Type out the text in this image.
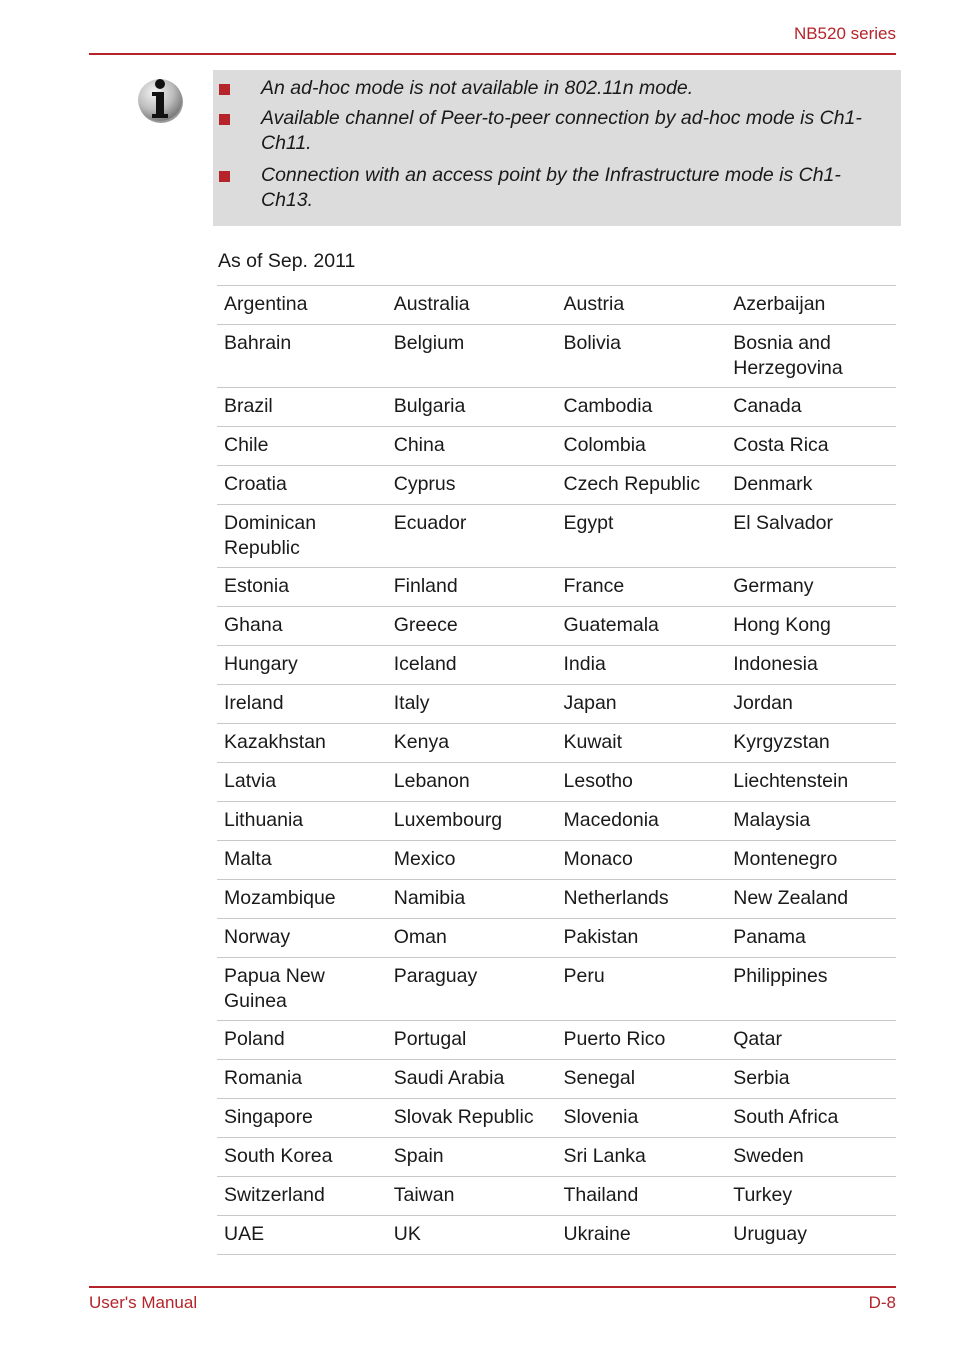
NB520 series
An ad-hoc mode is not available in 802.11n mode.
Available channel of Peer-to-peer connection by ad-hoc mode is Ch1-
Ch11.
Connection with an access point by the Infrastructure mode is Ch1-
Ch13.
As of Sep. 2011
Argentina	Australia	Austria	Azerbaijan

Bahrain	Belgium	Bolivia	Bosnia and
Herzegovina

Brazil	Bulgaria	Cambodia	Canada

Chile	China	Colombia	Costa Rica

Croatia	Cyprus	Czech Republic	Denmark

Dominican
Republic	Ecuador	Egypt	El Salvador

Estonia	Finland	France	Germany

Ghana	Greece	Guatemala	Hong Kong

Hungary	Iceland	India	Indonesia

Ireland	Italy	Japan	Jordan

Kazakhstan	Kenya	Kuwait	Kyrgyzstan

Latvia	Lebanon	Lesotho	Liechtenstein

Lithuania	Luxembourg	Macedonia	Malaysia

Malta	Mexico	Monaco	Montenegro

Mozambique	Namibia	Netherlands	New Zealand

Norway	Oman	Pakistan	Panama

Papua New
Guinea	Paraguay	Peru	Philippines

Poland	Portugal	Puerto Rico	Qatar

Romania	Saudi Arabia	Senegal	Serbia

Singapore	Slovak Republic	Slovenia	South Africa

South Korea	Spain	Sri Lanka	Sweden

Switzerland	Taiwan	Thailand	Turkey

UAE	UK	Ukraine	Uruguay
User's Manual	D-8
